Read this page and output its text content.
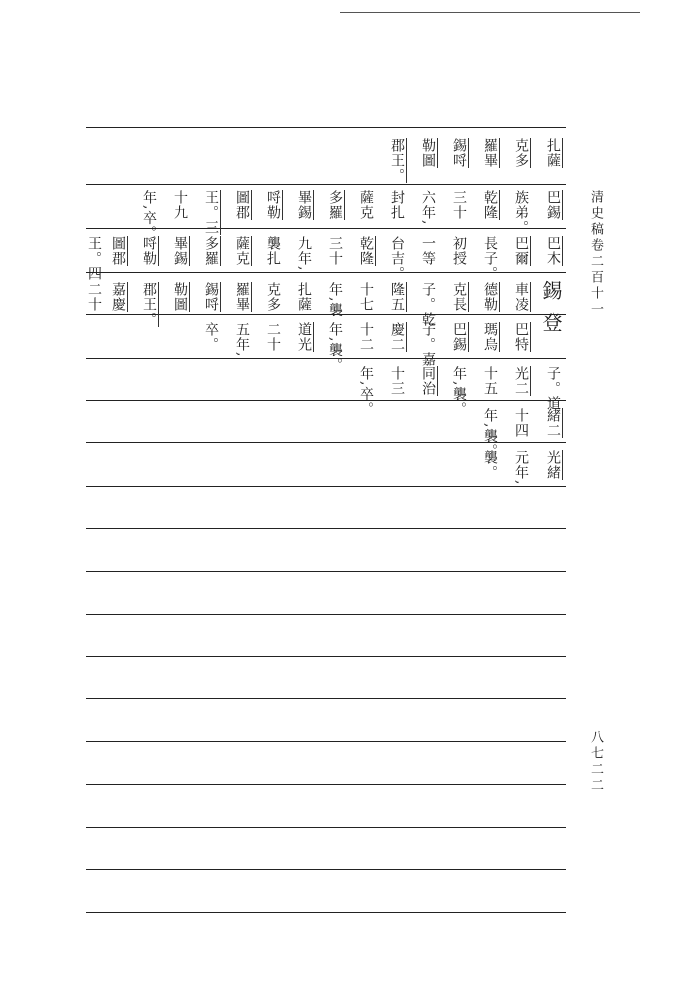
清史稿卷二百十一
八七二二
錫登
扎薩
克多
羅畢
錫哷
勒圖
郡王。
巴錫
族弟。
乾隆
三十
六年,
封扎
薩克
多羅
畢錫
哷勒
圖郡
王。三
十九
年,卒。
巴木
巴爾
長子。
初授
一等
台吉。
乾隆
三十
九年,
襲扎
薩克
多羅
畢錫
哷勒
圖郡
王。四
車凌
德勒
克長
子。乾
隆五
十七
年,襲
扎薩
克多
羅畢
錫哷
勒圖
郡王。
嘉慶
二十
巴特
瑪烏
巴錫
子。嘉
慶二
十二
年,襲。
道光
二十
五年,
卒。
子。道
光二
十五
年,襲。
同治
十三
年,卒。
緒二
十四
年,襲。
光緒
元年,
襲。
